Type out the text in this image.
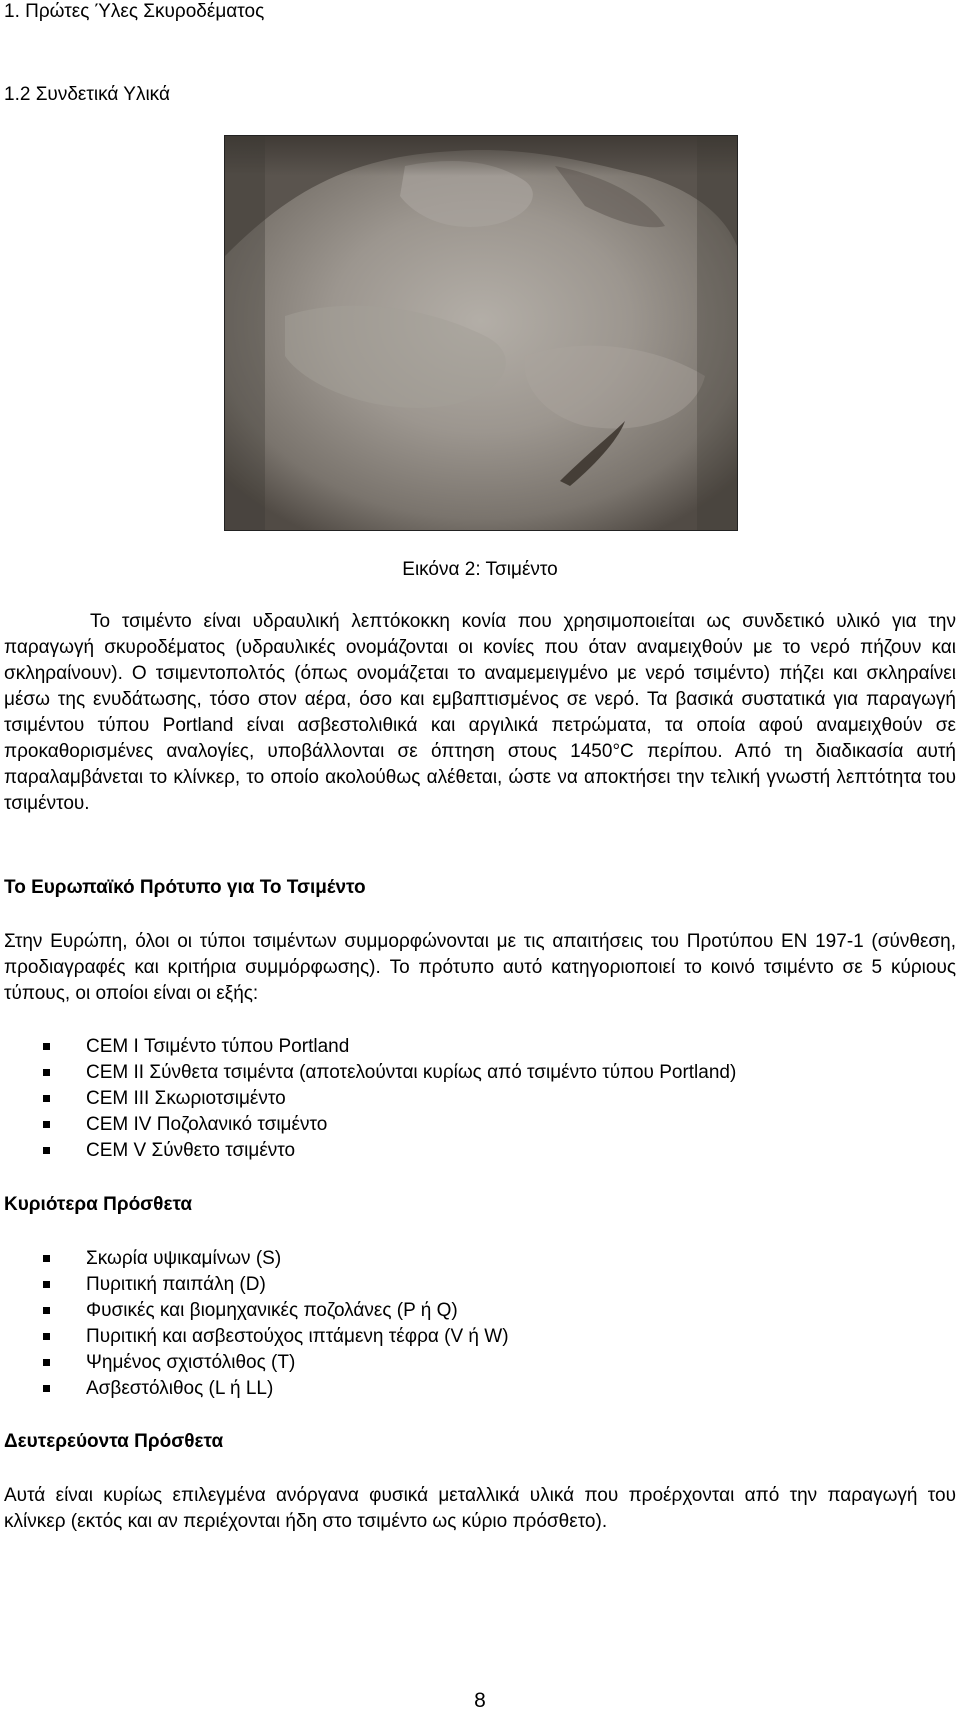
1. Πρώτες Ύλες Σκυροδέματος
1.2 Συνδετικά Υλικά
Εικόνα 2: Τσιμέντο

Το τσιμέντο είναι υδραυλική λεπτόκοκκη κονία που χρησιμοποιείται ως συνδετικό υλικό για την παραγωγή σκυροδέματος (υδραυλικές ονομάζονται οι κονίες που όταν αναμειχθούν με το νερό πήζουν και σκληραίνουν). Ο τσιμεντοπολτός (όπως ονομάζεται το αναμεμειγμένο με νερό τσιμέντο) πήζει και σκληραίνει μέσω της ενυδάτωσης, τόσο στον αέρα, όσο και εμβαπτισμένος σε νερό. Τα βασικά συστατικά για παραγωγή τσιμέντου τύπου Portland είναι ασβεστολιθικά και αργιλικά πετρώματα, τα οποία αφού αναμειχθούν σε προκαθορισμένες αναλογίες, υποβάλλονται σε όπτηση στους 1450°C περίπου. Από τη διαδικασία αυτή παραλαμβάνεται το κλίνκερ, το οποίο ακολούθως αλέθεται, ώστε να αποκτήσει την τελική γνωστή λεπτότητα του τσιμέντου.

Το Ευρωπαϊκό Πρότυπο για Το Τσιμέντο

Στην Ευρώπη, όλοι οι τύποι τσιμέντων συμμορφώνονται με τις απαιτήσεις του Προτύπου EN 197-1 (σύνθεση, προδιαγραφές και κριτήρια συμμόρφωσης). Το πρότυπο αυτό κατηγοριοποιεί το κοινό τσιμέντο σε 5 κύριους τύπους, οι οποίοι είναι οι εξής:

CEM I Τσιμέντο τύπου Portland
CEM II Σύνθετα τσιμέντα (αποτελούνται κυρίως από τσιμέντο τύπου Portland)
CEM III Σκωριοτσιμέντο
CEM IV Ποζολανικό τσιμέντο
CEM V Σύνθετο τσιμέντο
Κυριότερα Πρόσθετα
Σκωρία υψικαμίνων (S)
Πυριτική παιπάλη (D)
Φυσικές και βιομηχανικές ποζολάνες (P ή Q)
Πυριτική και ασβεστούχος ιπτάμενη τέφρα (V ή W)
Ψημένος σχιστόλιθος (T)
Ασβεστόλιθος (L ή LL)
Δευτερεύοντα Πρόσθετα

Αυτά είναι κυρίως επιλεγμένα ανόργανα φυσικά μεταλλικά υλικά που προέρχονται από την παραγωγή του κλίνκερ (εκτός και αν περιέχονται ήδη στο τσιμέντο ως κύριο πρόσθετο).

8
